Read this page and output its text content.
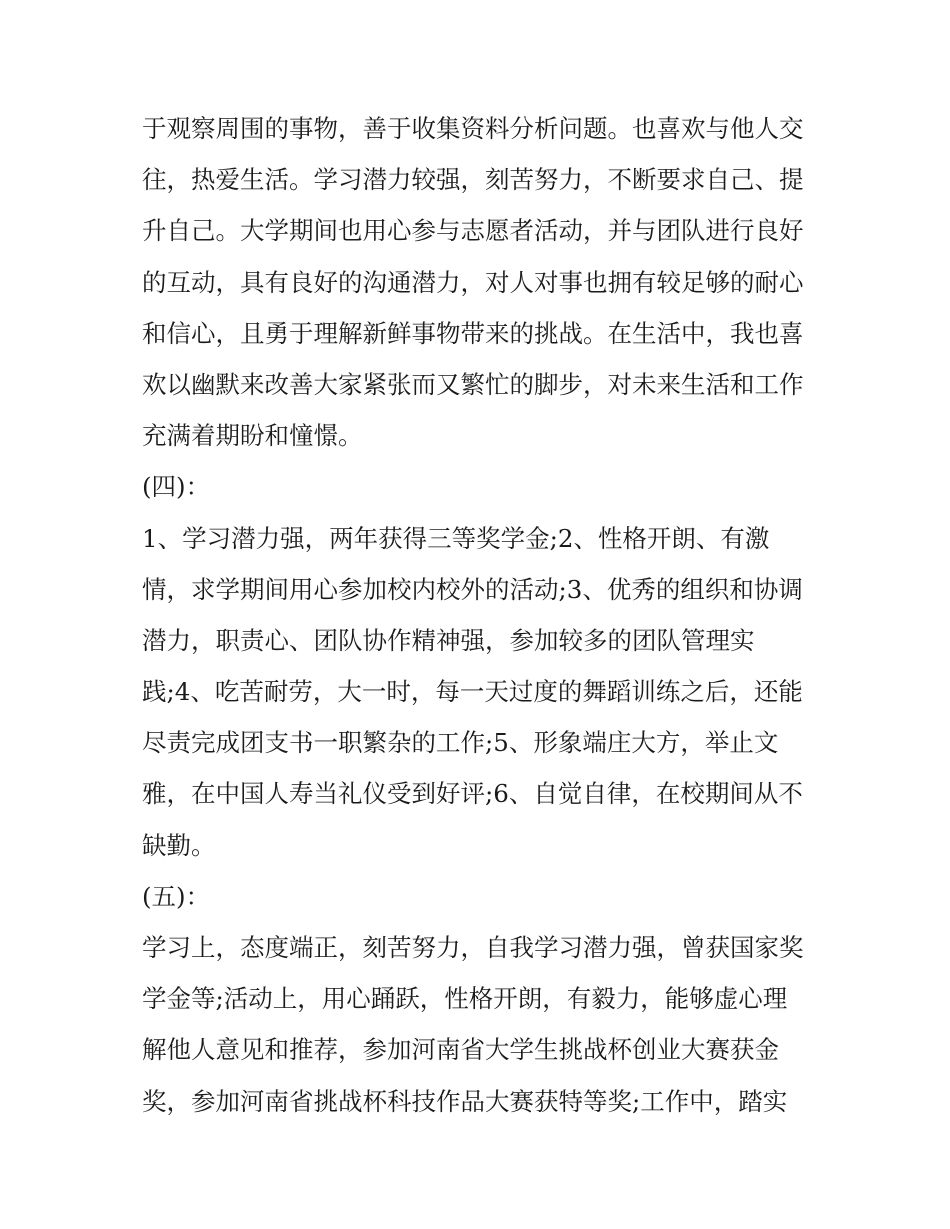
于观察周围的事物，善于收集资料分析问题。也喜欢与他人交
往，热爱生活。学习潜力较强，刻苦努力，不断要求自己、提
升自己。大学期间也用心参与志愿者活动，并与团队进行良好
的互动，具有良好的沟通潜力，对人对事也拥有较足够的耐心
和信心，且勇于理解新鲜事物带来的挑战。在生活中，我也喜
欢以幽默来改善大家紧张而又繁忙的脚步，对未来生活和工作
充满着期盼和憧憬。
(四)：
1、学习潜力强，两年获得三等奖学金;2、性格开朗、有激
情，求学期间用心参加校内校外的活动;3、优秀的组织和协调
潜力，职责心、团队协作精神强，参加较多的团队管理实
践;4、吃苦耐劳，大一时，每一天过度的舞蹈训练之后，还能
尽责完成团支书一职繁杂的工作;5、形象端庄大方，举止文
雅，在中国人寿当礼仪受到好评;6、自觉自律，在校期间从不
缺勤。
(五)：
学习上，态度端正，刻苦努力，自我学习潜力强，曾获国家奖
学金等;活动上，用心踊跃，性格开朗，有毅力，能够虚心理
解他人意见和推荐，参加河南省大学生挑战杯创业大赛获金
奖，参加河南省挑战杯科技作品大赛获特等奖;工作中，踏实
